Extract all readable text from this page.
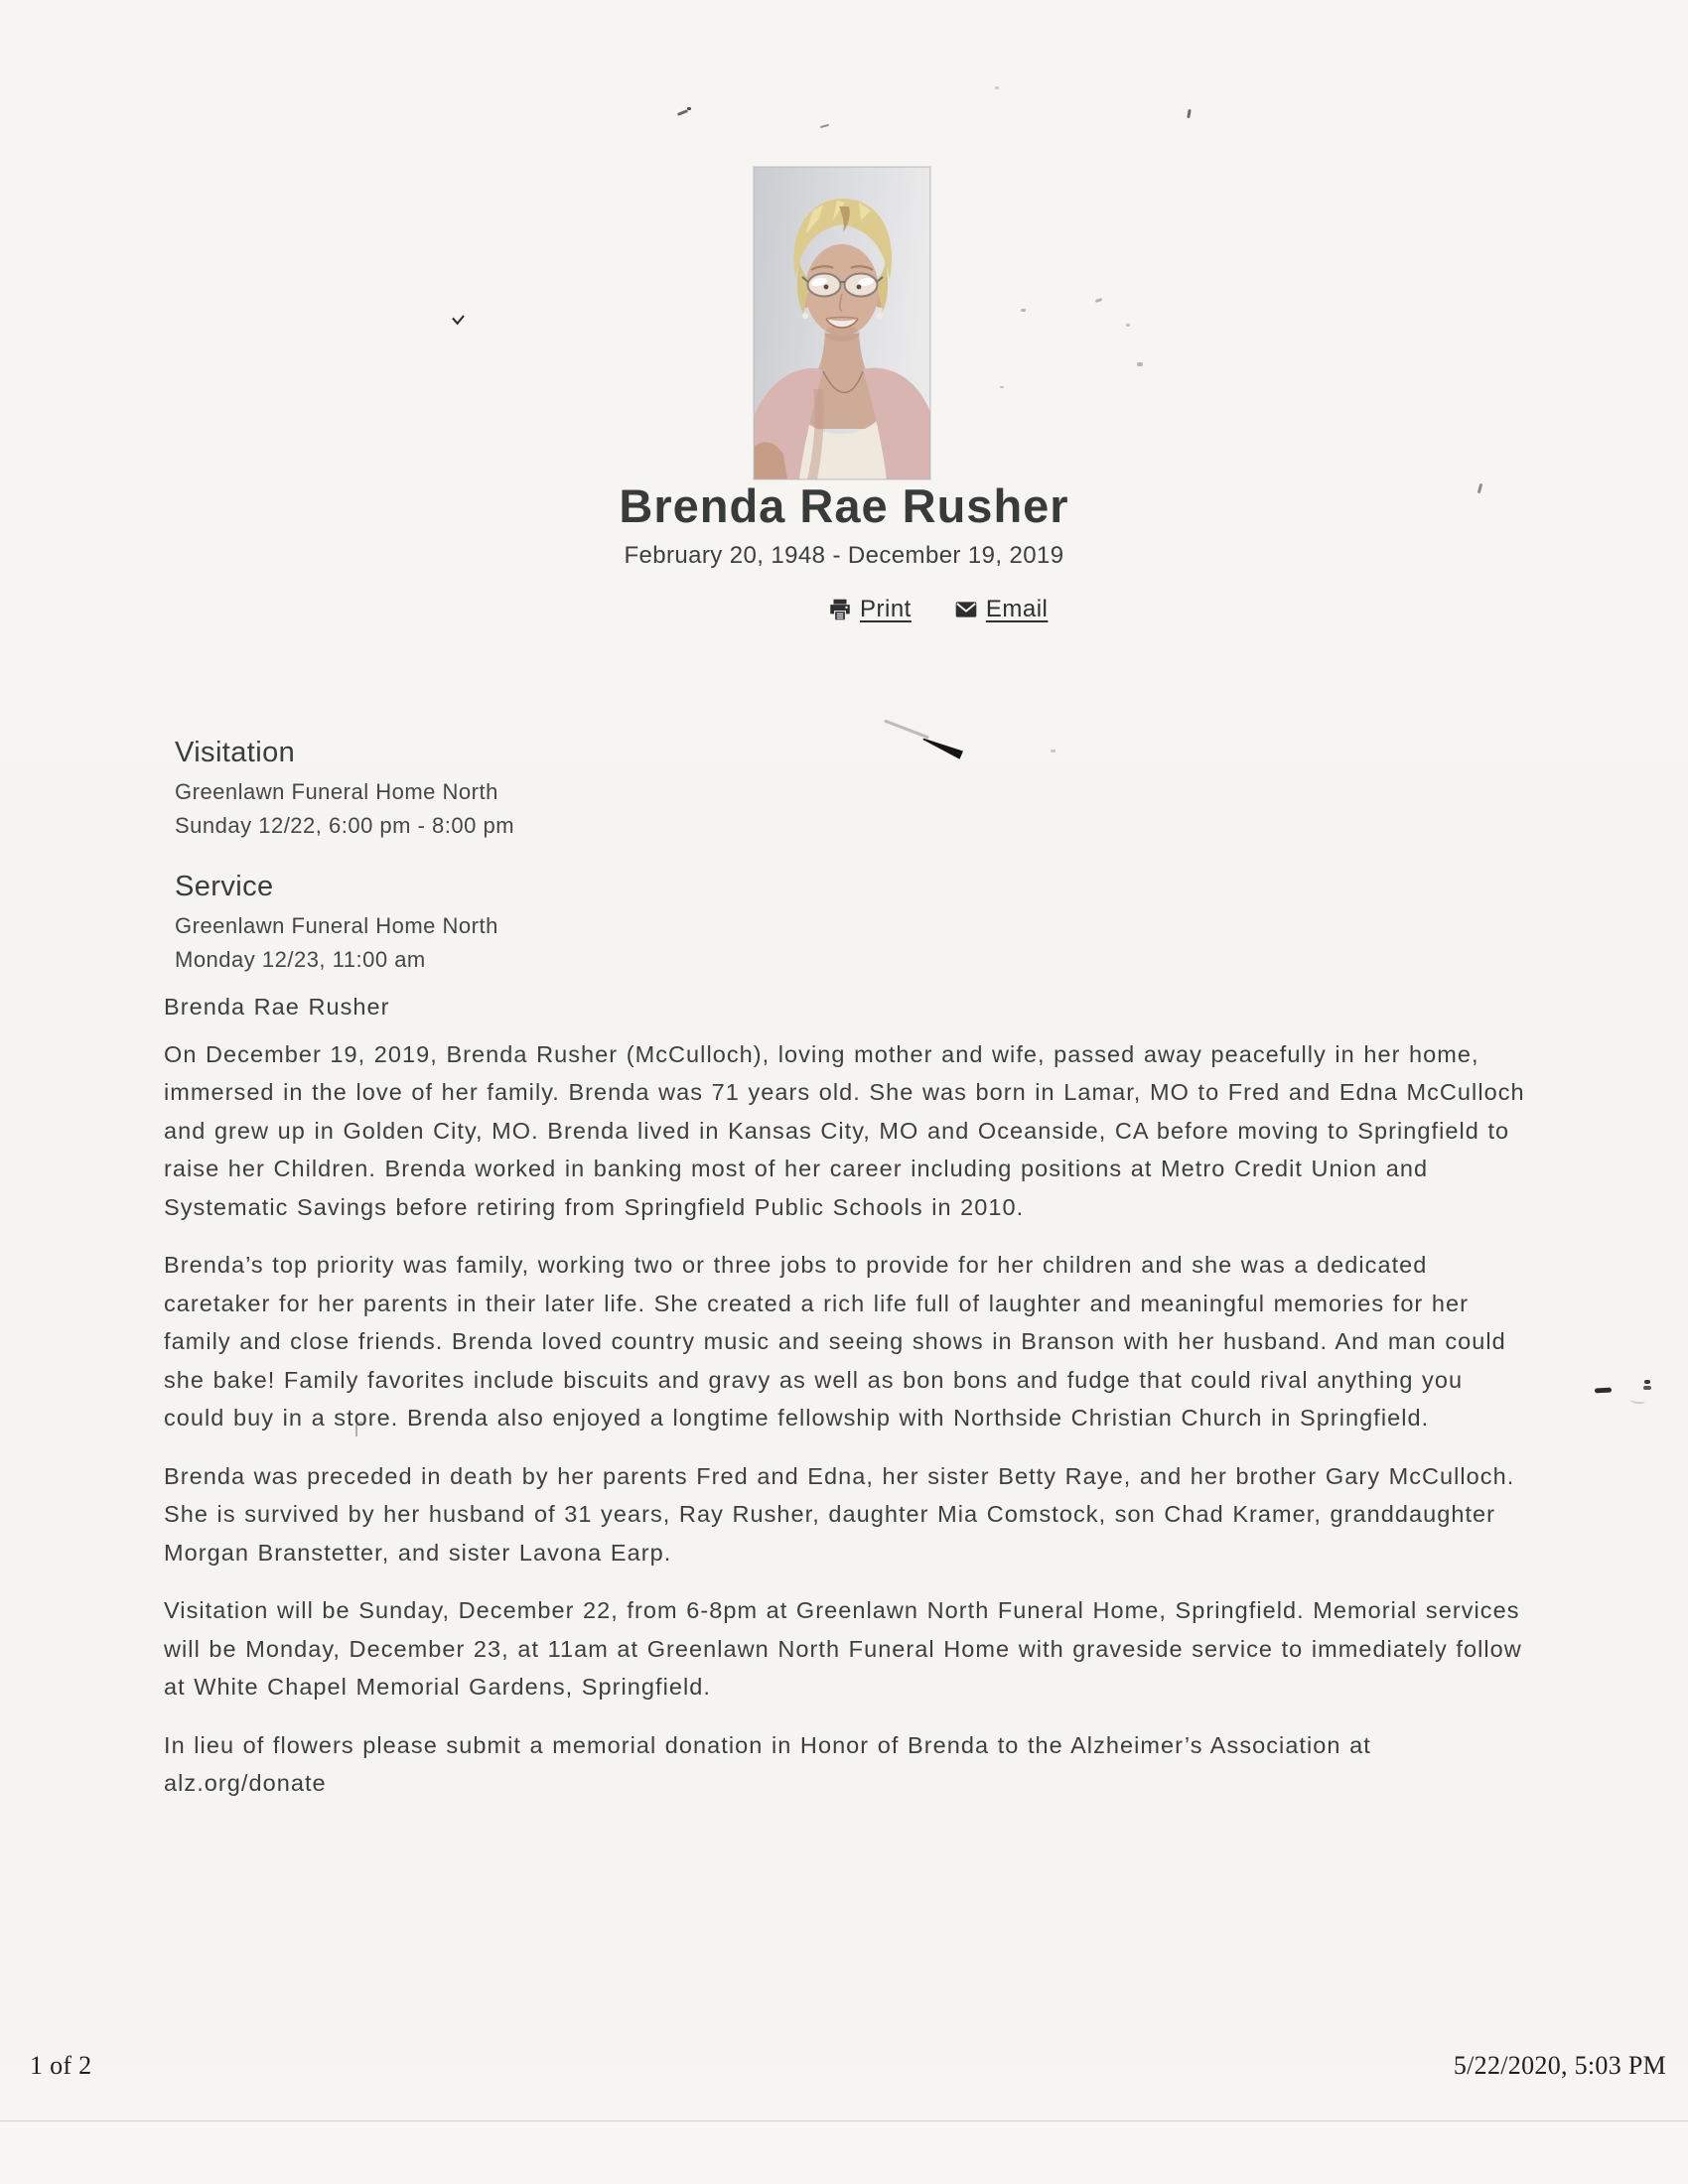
Brenda Rae Rusher
February 20, 1948 - December 19, 2019
Print	Email
Visitation
Greenlawn Funeral Home North
Sunday 12/22, 6:00 pm - 8:00 pm
Service
Greenlawn Funeral Home North
Monday 12/23, 11:00 am

Brenda Rae Rusher

On December 19, 2019, Brenda Rusher (McCulloch), loving mother and wife, passed away peacefully in her home, immersed in the love of her family. Brenda was 71 years old. She was born in Lamar, MO to Fred and Edna McCulloch and grew up in Golden City, MO. Brenda lived in Kansas City, MO and Oceanside, CA before moving to Springfield to raise her Children. Brenda worked in banking most of her career including positions at Metro Credit Union and Systematic Savings before retiring from Springfield Public Schools in 2010.

Brenda’s top priority was family, working two or three jobs to provide for her children and she was a dedicated caretaker for her parents in their later life. She created a rich life full of laughter and meaningful memories for her family and close friends. Brenda loved country music and seeing shows in Branson with her husband. And man could she bake! Family favorites include biscuits and gravy as well as bon bons and fudge that could rival anything you could buy in a store. Brenda also enjoyed a longtime fellowship with Northside Christian Church in Springfield.

Brenda was preceded in death by her parents Fred and Edna, her sister Betty Raye, and her brother Gary McCulloch. She is survived by her husband of 31 years, Ray Rusher, daughter Mia Comstock, son Chad Kramer, granddaughter Morgan Branstetter, and sister Lavona Earp.

Visitation will be Sunday, December 22, from 6-8pm at Greenlawn North Funeral Home, Springfield. Memorial services will be Monday, December 23, at 11am at Greenlawn North Funeral Home with graveside service to immediately follow at White Chapel Memorial Gardens, Springfield.

In lieu of flowers please submit a memorial donation in Honor of Brenda to the Alzheimer’s Association at alz.org/donate

1 of 2	5/22/2020, 5:03 PM
